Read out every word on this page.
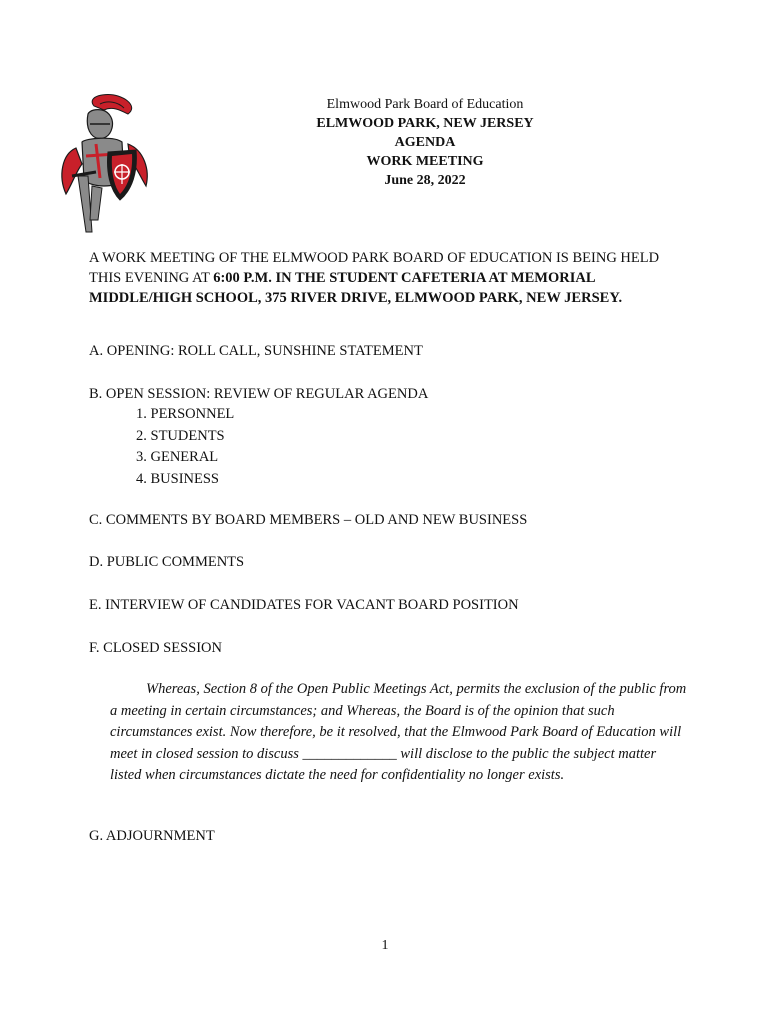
Elmwood Park Board of Education
ELMWOOD PARK, NEW JERSEY
AGENDA
WORK MEETING
June 28, 2022
A WORK MEETING OF THE ELMWOOD PARK BOARD OF EDUCATION IS BEING HELD THIS EVENING AT 6:00 P.M. IN THE STUDENT CAFETERIA AT MEMORIAL MIDDLE/HIGH SCHOOL, 375 RIVER DRIVE, ELMWOOD PARK, NEW JERSEY.
A. OPENING: ROLL CALL, SUNSHINE STATEMENT
B. OPEN SESSION: REVIEW OF REGULAR AGENDA
1. PERSONNEL
2. STUDENTS
3. GENERAL
4. BUSINESS
C. COMMENTS BY BOARD MEMBERS – OLD AND NEW BUSINESS
D. PUBLIC COMMENTS
E. INTERVIEW OF CANDIDATES FOR VACANT BOARD POSITION
F. CLOSED SESSION
Whereas, Section 8 of the Open Public Meetings Act, permits the exclusion of the public from a meeting in certain circumstances; and Whereas, the Board is of the opinion that such circumstances exist. Now therefore, be it resolved, that the Elmwood Park Board of Education will meet in closed session to discuss _____________ will disclose to the public the subject matter listed when circumstances dictate the need for confidentiality no longer exists.
G. ADJOURNMENT
1
